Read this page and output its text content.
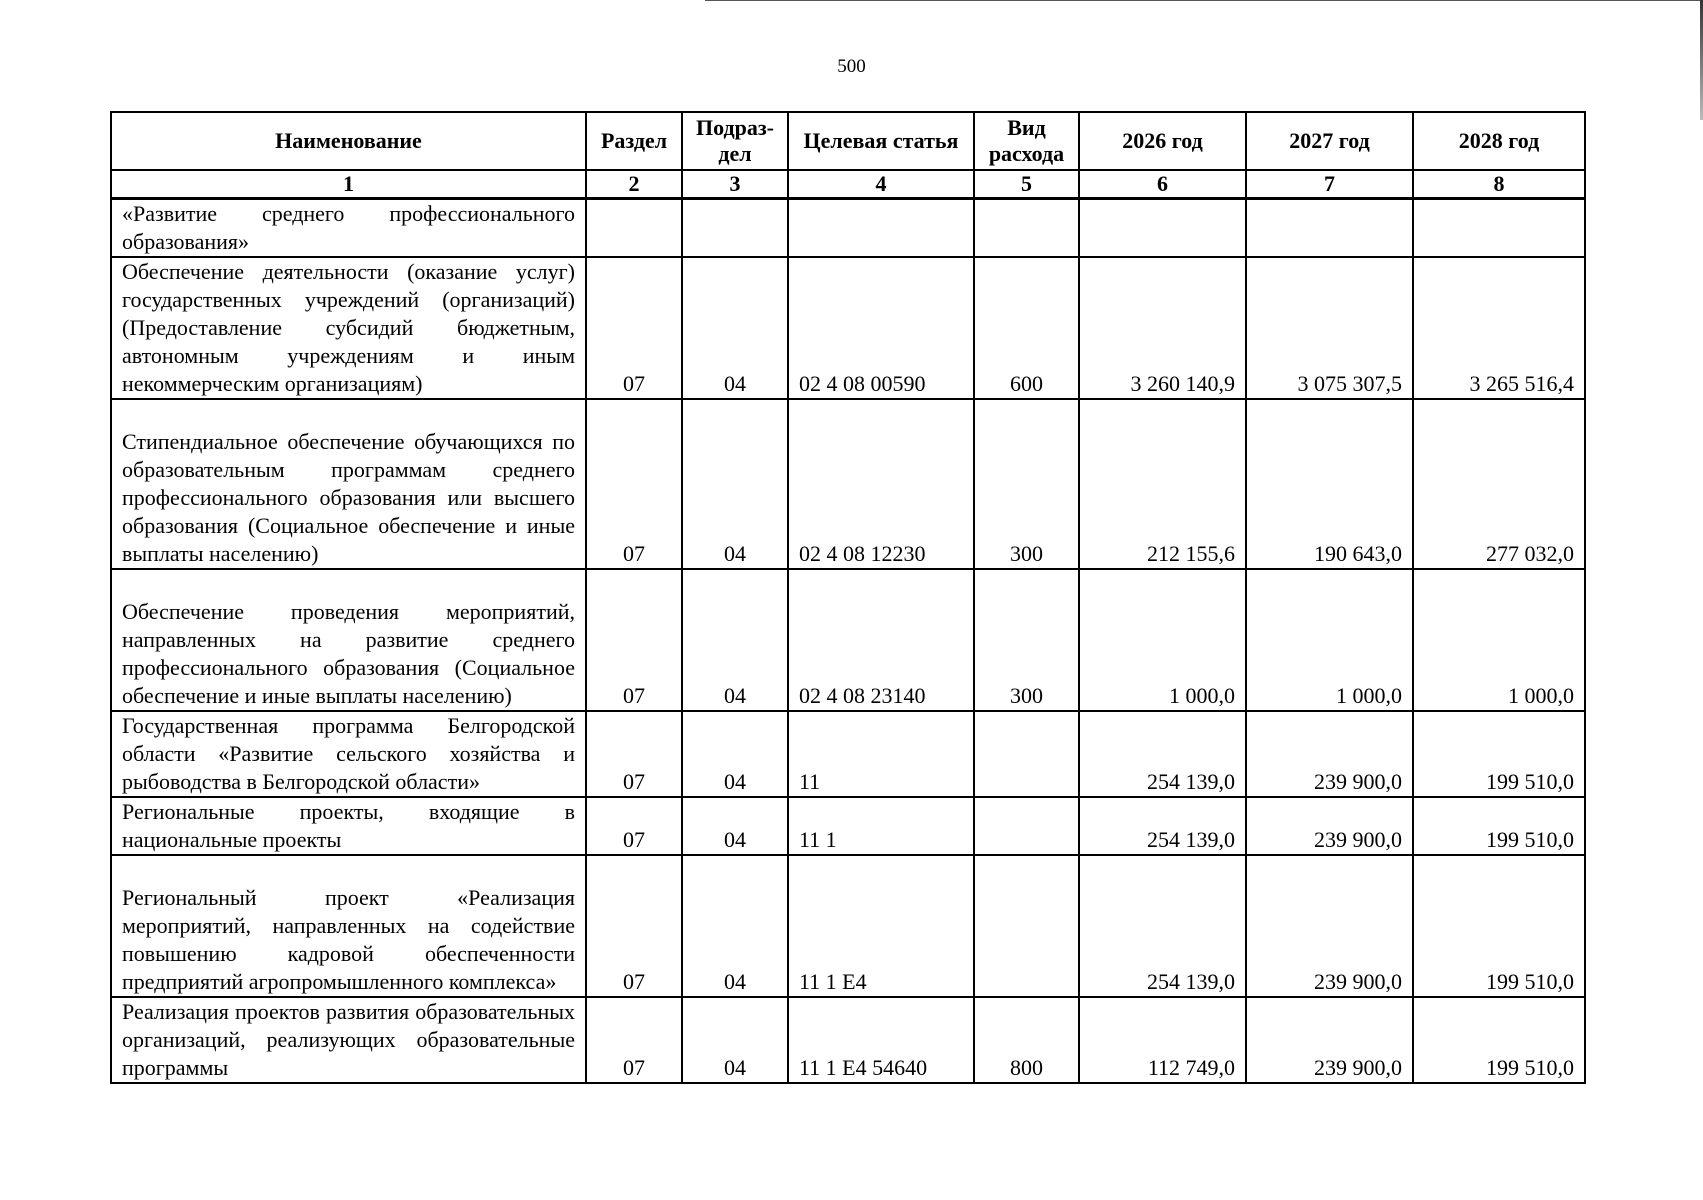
500
Наименование	Раздел	Подраз-дел	Целевая статья	Вид расхода	2026 год	2027 год	2028 год
1	2	3	4	5	6	7	8
«Развитие среднего профессионального образования»							
Обеспечение деятельности (оказание услуг) государственных учреждений (организаций) (Предоставление субсидий бюджетным, автономным учреждениям и иным некоммерческим организациям)	07	04	02 4 08 00590	600	3 260 140,9	3 075 307,5	3 265 516,4
Стипендиальное обеспечение обучающихся по образовательным программам среднего профессионального образования или высшего образования (Социальное обеспечение и иные выплаты населению)	07	04	02 4 08 12230	300	212 155,6	190 643,0	277 032,0
Обеспечение проведения мероприятий, направленных на развитие среднего профессионального образования (Социальное обеспечение и иные выплаты населению)	07	04	02 4 08 23140	300	1 000,0	1 000,0	1 000,0
Государственная программа Белгородской области «Развитие сельского хозяйства и рыбоводства в Белгородской области»	07	04	11		254 139,0	239 900,0	199 510,0
Региональные проекты, входящие в национальные проекты	07	04	11 1		254 139,0	239 900,0	199 510,0
Региональный проект «Реализация мероприятий, направленных на содействие повышению кадровой обеспеченности предприятий агропромышленного комплекса»	07	04	11 1 Е4		254 139,0	239 900,0	199 510,0
Реализация проектов развития образовательных организаций, реализующих образовательные программы	07	04	11 1 Е4 54640	800	112 749,0	239 900,0	199 510,0
